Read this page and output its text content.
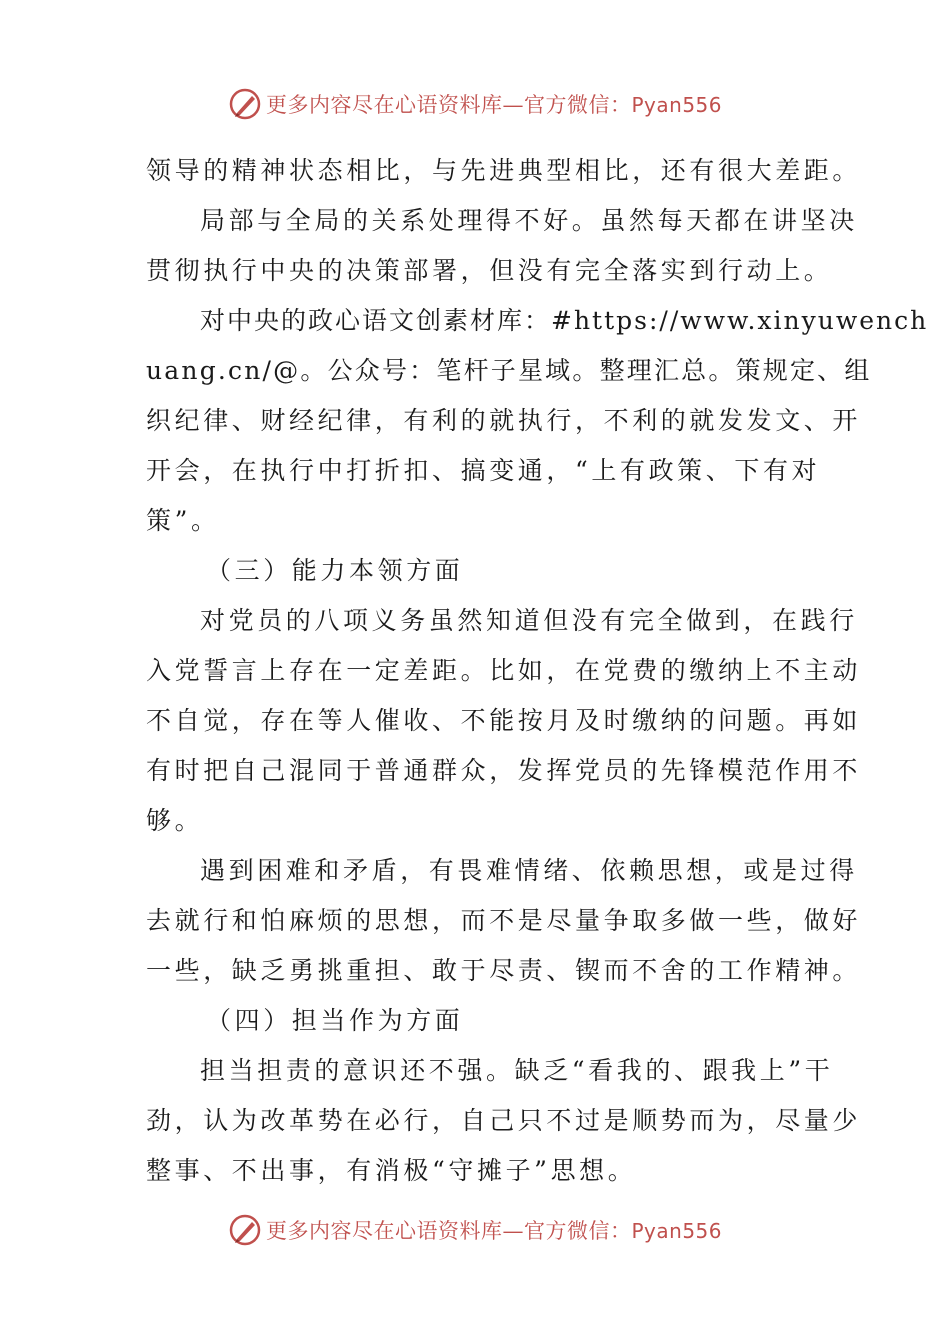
更多内容尽在心语资料库—官方微信：Pyan556
领导的精神状态相比，与先进典型相比，还有很大差距。
局部与全局的关系处理得不好。虽然每天都在讲坚决
贯彻执行中央的决策部署，但没有完全落实到行动上。
对中央的政心语文创素材库：#https://www.xinyuwench
uang.cn/@。公众号：笔杆子星域。整理汇总。策规定、组
织纪律、财经纪律，有利的就执行，不利的就发发文、开
开会，在执行中打折扣、搞变通，“上有政策、下有对
策”。
（三）能力本领方面
对党员的八项义务虽然知道但没有完全做到，在践行
入党誓言上存在一定差距。比如，在党费的缴纳上不主动
不自觉，存在等人催收、不能按月及时缴纳的问题。再如
有时把自己混同于普通群众，发挥党员的先锋模范作用不
够。
遇到困难和矛盾，有畏难情绪、依赖思想，或是过得
去就行和怕麻烦的思想，而不是尽量争取多做一些，做好
一些，缺乏勇挑重担、敢于尽责、锲而不舍的工作精神。
（四）担当作为方面
担当担责的意识还不强。缺乏“看我的、跟我上”干
劲，认为改革势在必行，自己只不过是顺势而为，尽量少
整事、不出事，有消极“守摊子”思想。
更多内容尽在心语资料库—官方微信：Pyan556
